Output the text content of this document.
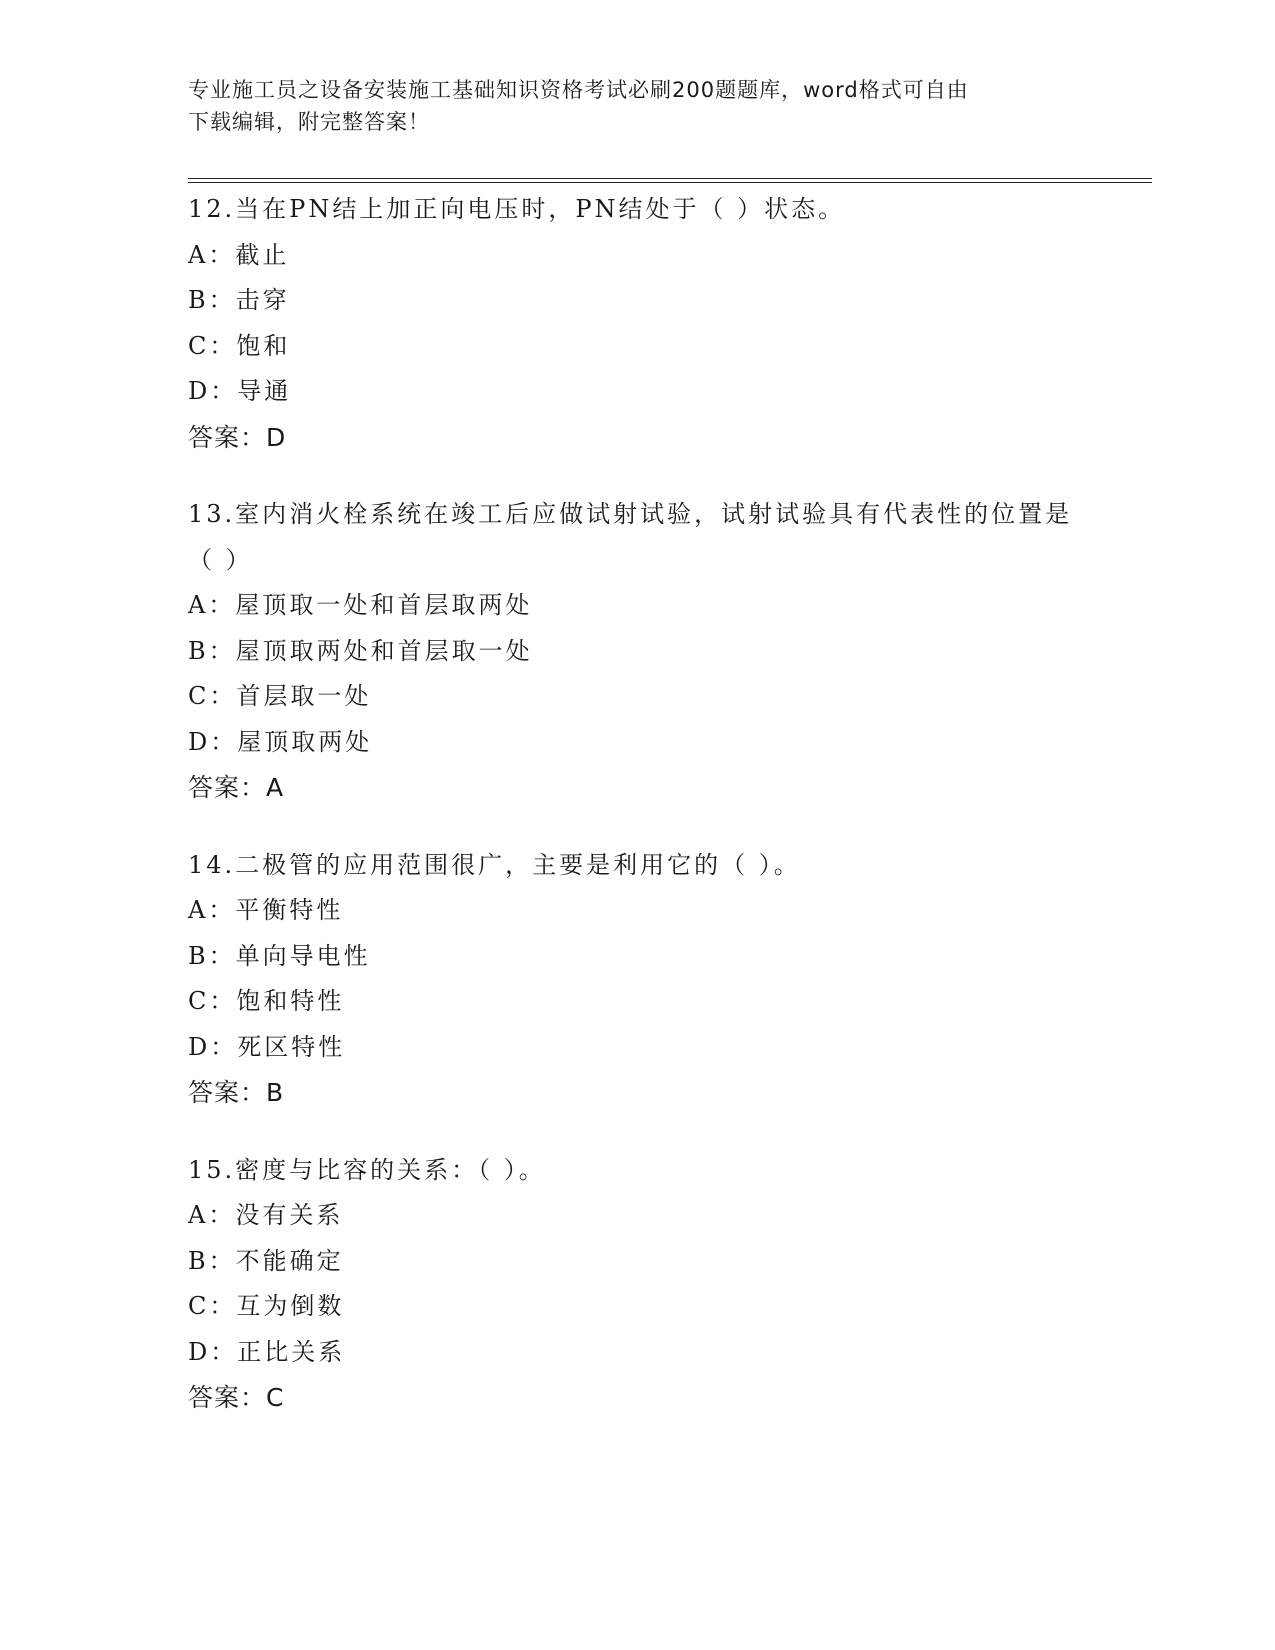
专业施工员之设备安装施工基础知识资格考试必刷200题题库，word格式可自由
下载编辑，附完整答案！
12.当在PN结上加正向电压时，PN结处于（ ）状态。
A：截止
B：击穿
C：饱和
D：导通
答案：D
13.室内消火栓系统在竣工后应做试射试验，试射试验具有代表性的位置是（ ）
A：屋顶取一处和首层取两处
B：屋顶取两处和首层取一处
C：首层取一处
D：屋顶取两处
答案：A
14.二极管的应用范围很广，主要是利用它的（ ）。
A：平衡特性
B：单向导电性
C：饱和特性
D：死区特性
答案：B
15.密度与比容的关系：（ ）。
A：没有关系
B：不能确定
C：互为倒数
D：正比关系
答案：C
